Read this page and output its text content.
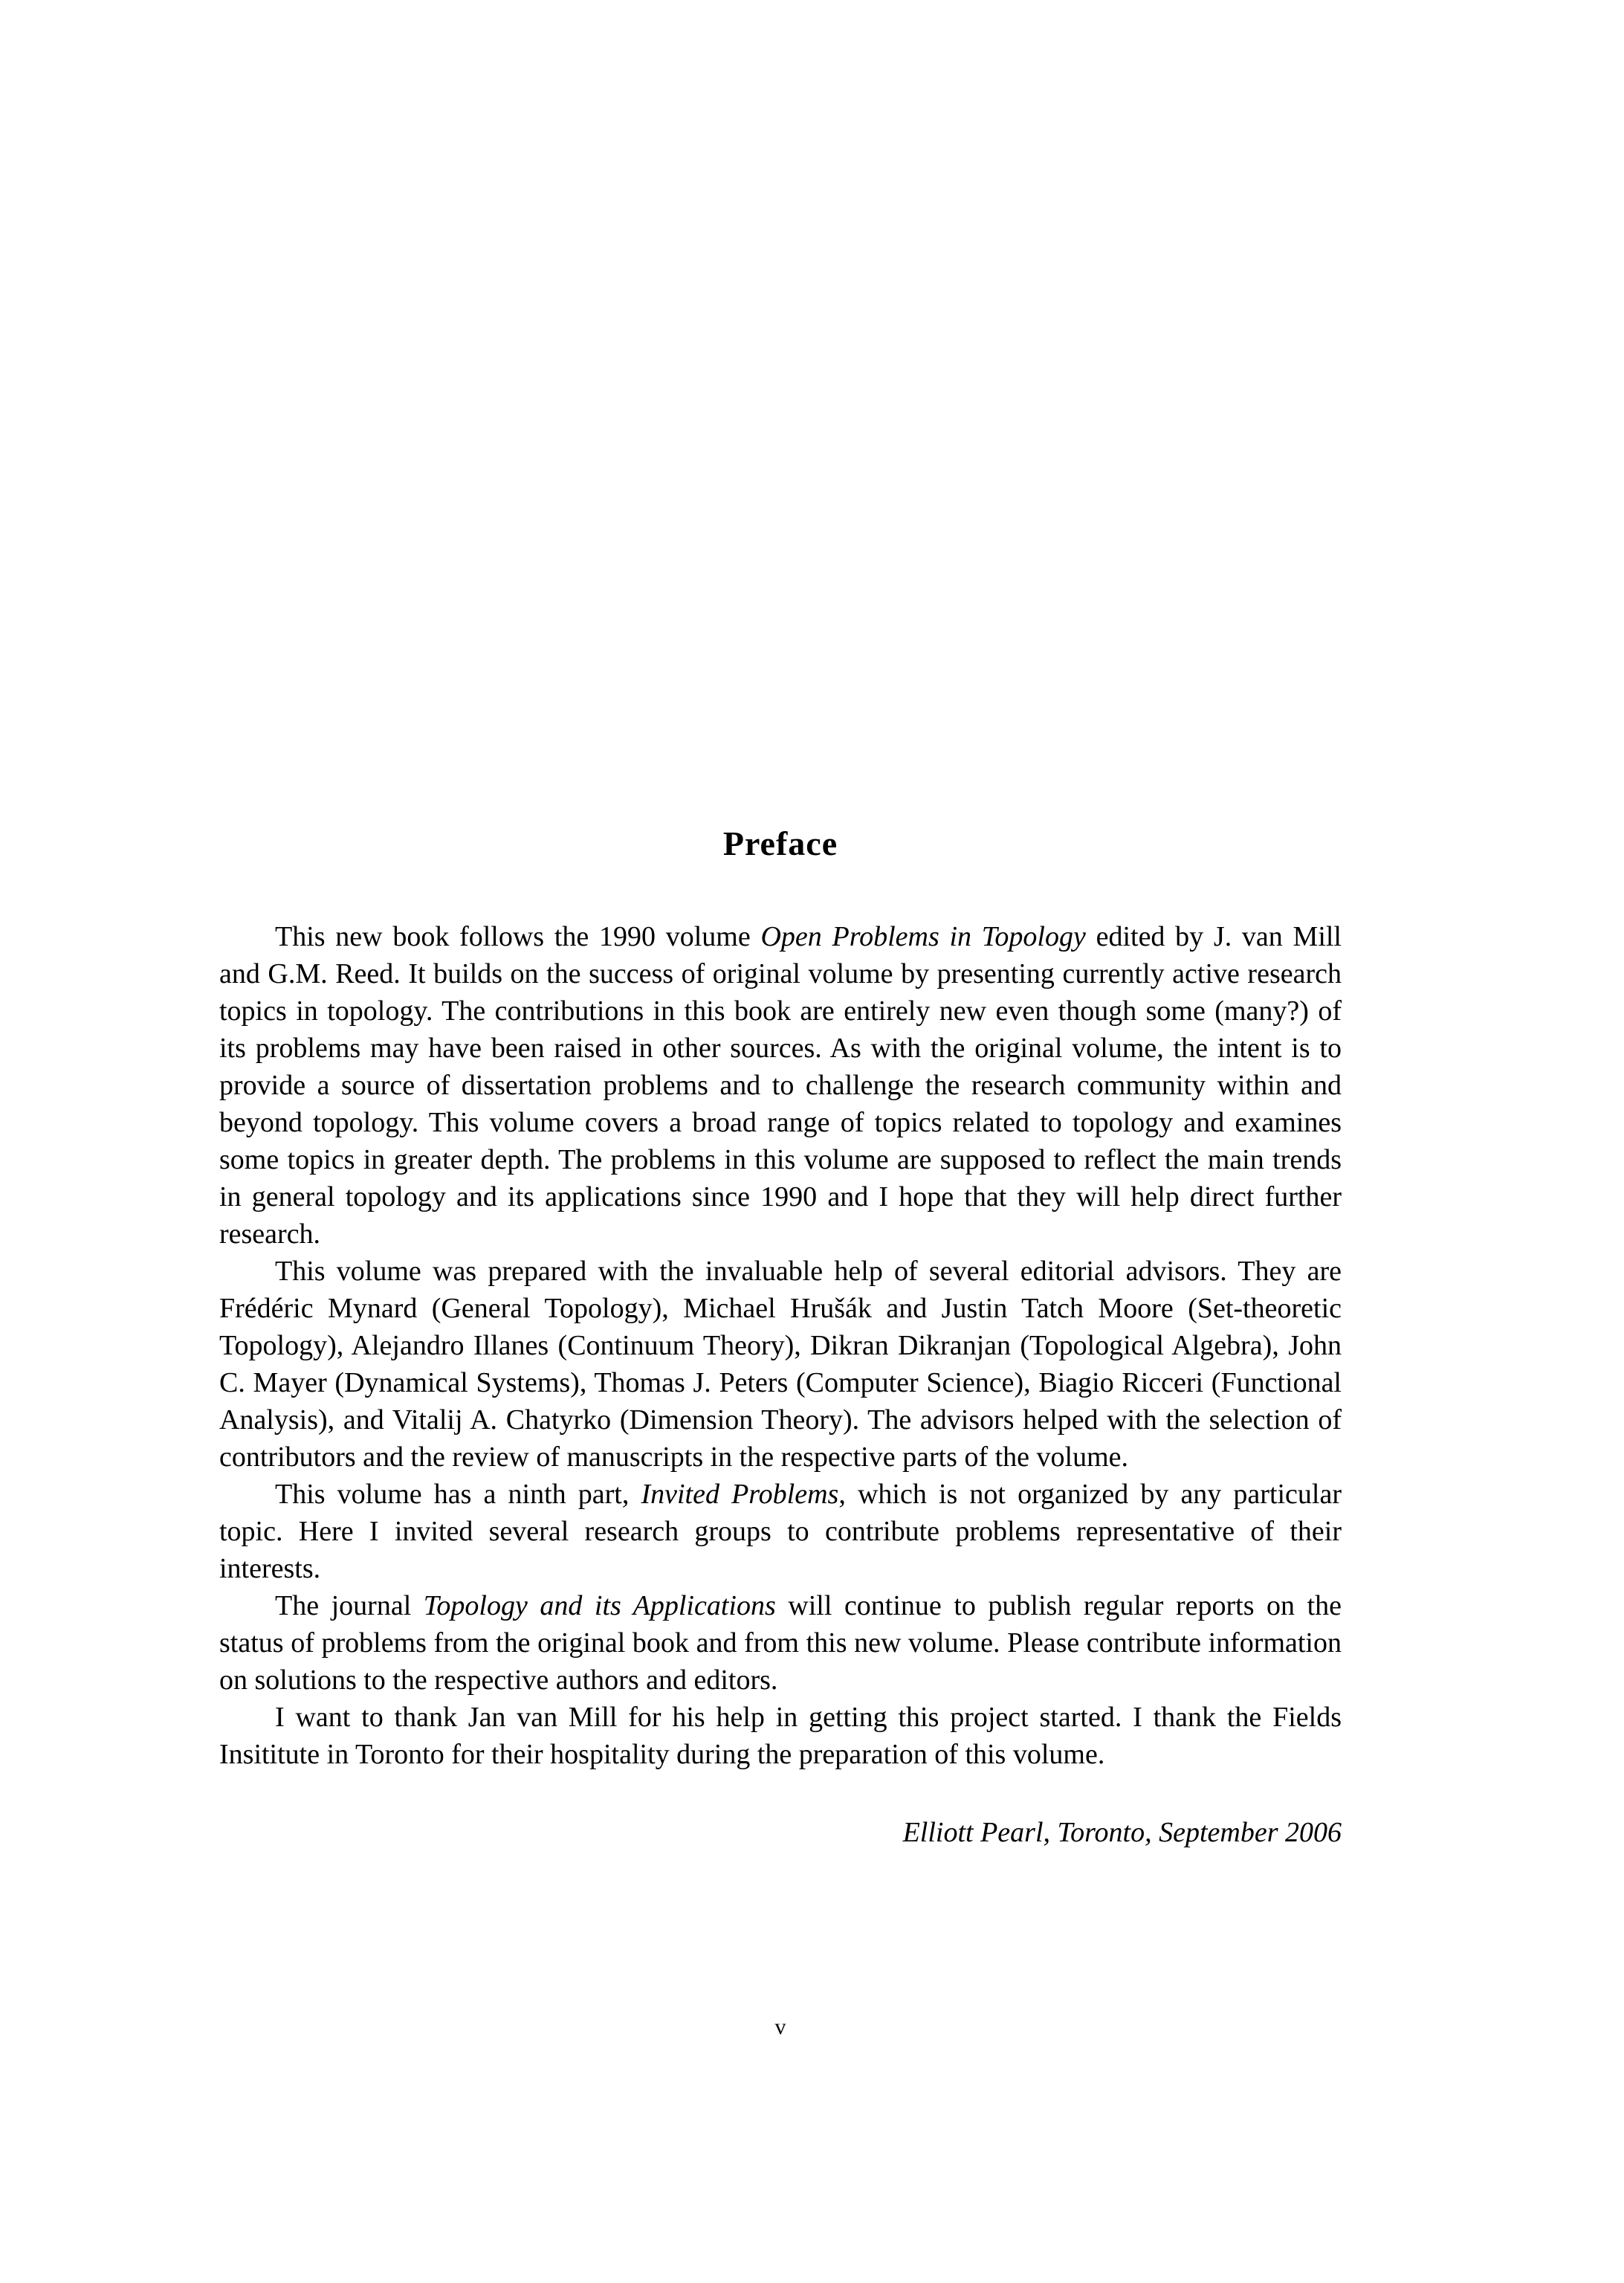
Preface

This new book follows the 1990 volume Open Problems in Topology edited by J. van Mill and G.M. Reed. It builds on the success of original volume by presenting currently active research topics in topology. The contributions in this book are entirely new even though some (many?) of its problems may have been raised in other sources. As with the original volume, the intent is to provide a source of dissertation problems and to challenge the research community within and beyond topology. This volume covers a broad range of topics related to topology and examines some topics in greater depth. The problems in this volume are supposed to reflect the main trends in general topology and its applications since 1990 and I hope that they will help direct further research.

This volume was prepared with the invaluable help of several editorial advisors. They are Frédéric Mynard (General Topology), Michael Hrušák and Justin Tatch Moore (Set-theoretic Topology), Alejandro Illanes (Continuum Theory), Dikran Dikranjan (Topological Algebra), John C. Mayer (Dynamical Systems), Thomas J. Peters (Computer Science), Biagio Ricceri (Functional Analysis), and Vitalij A. Chatyrko (Dimension Theory). The advisors helped with the selection of contributors and the review of manuscripts in the respective parts of the volume.

This volume has a ninth part, Invited Problems, which is not organized by any particular topic. Here I invited several research groups to contribute problems representative of their interests.

The journal Topology and its Applications will continue to publish regular reports on the status of problems from the original book and from this new volume. Please contribute information on solutions to the respective authors and editors.

I want to thank Jan van Mill for his help in getting this project started. I thank the Fields Insititute in Toronto for their hospitality during the preparation of this volume.

Elliott Pearl, Toronto, September 2006
v
